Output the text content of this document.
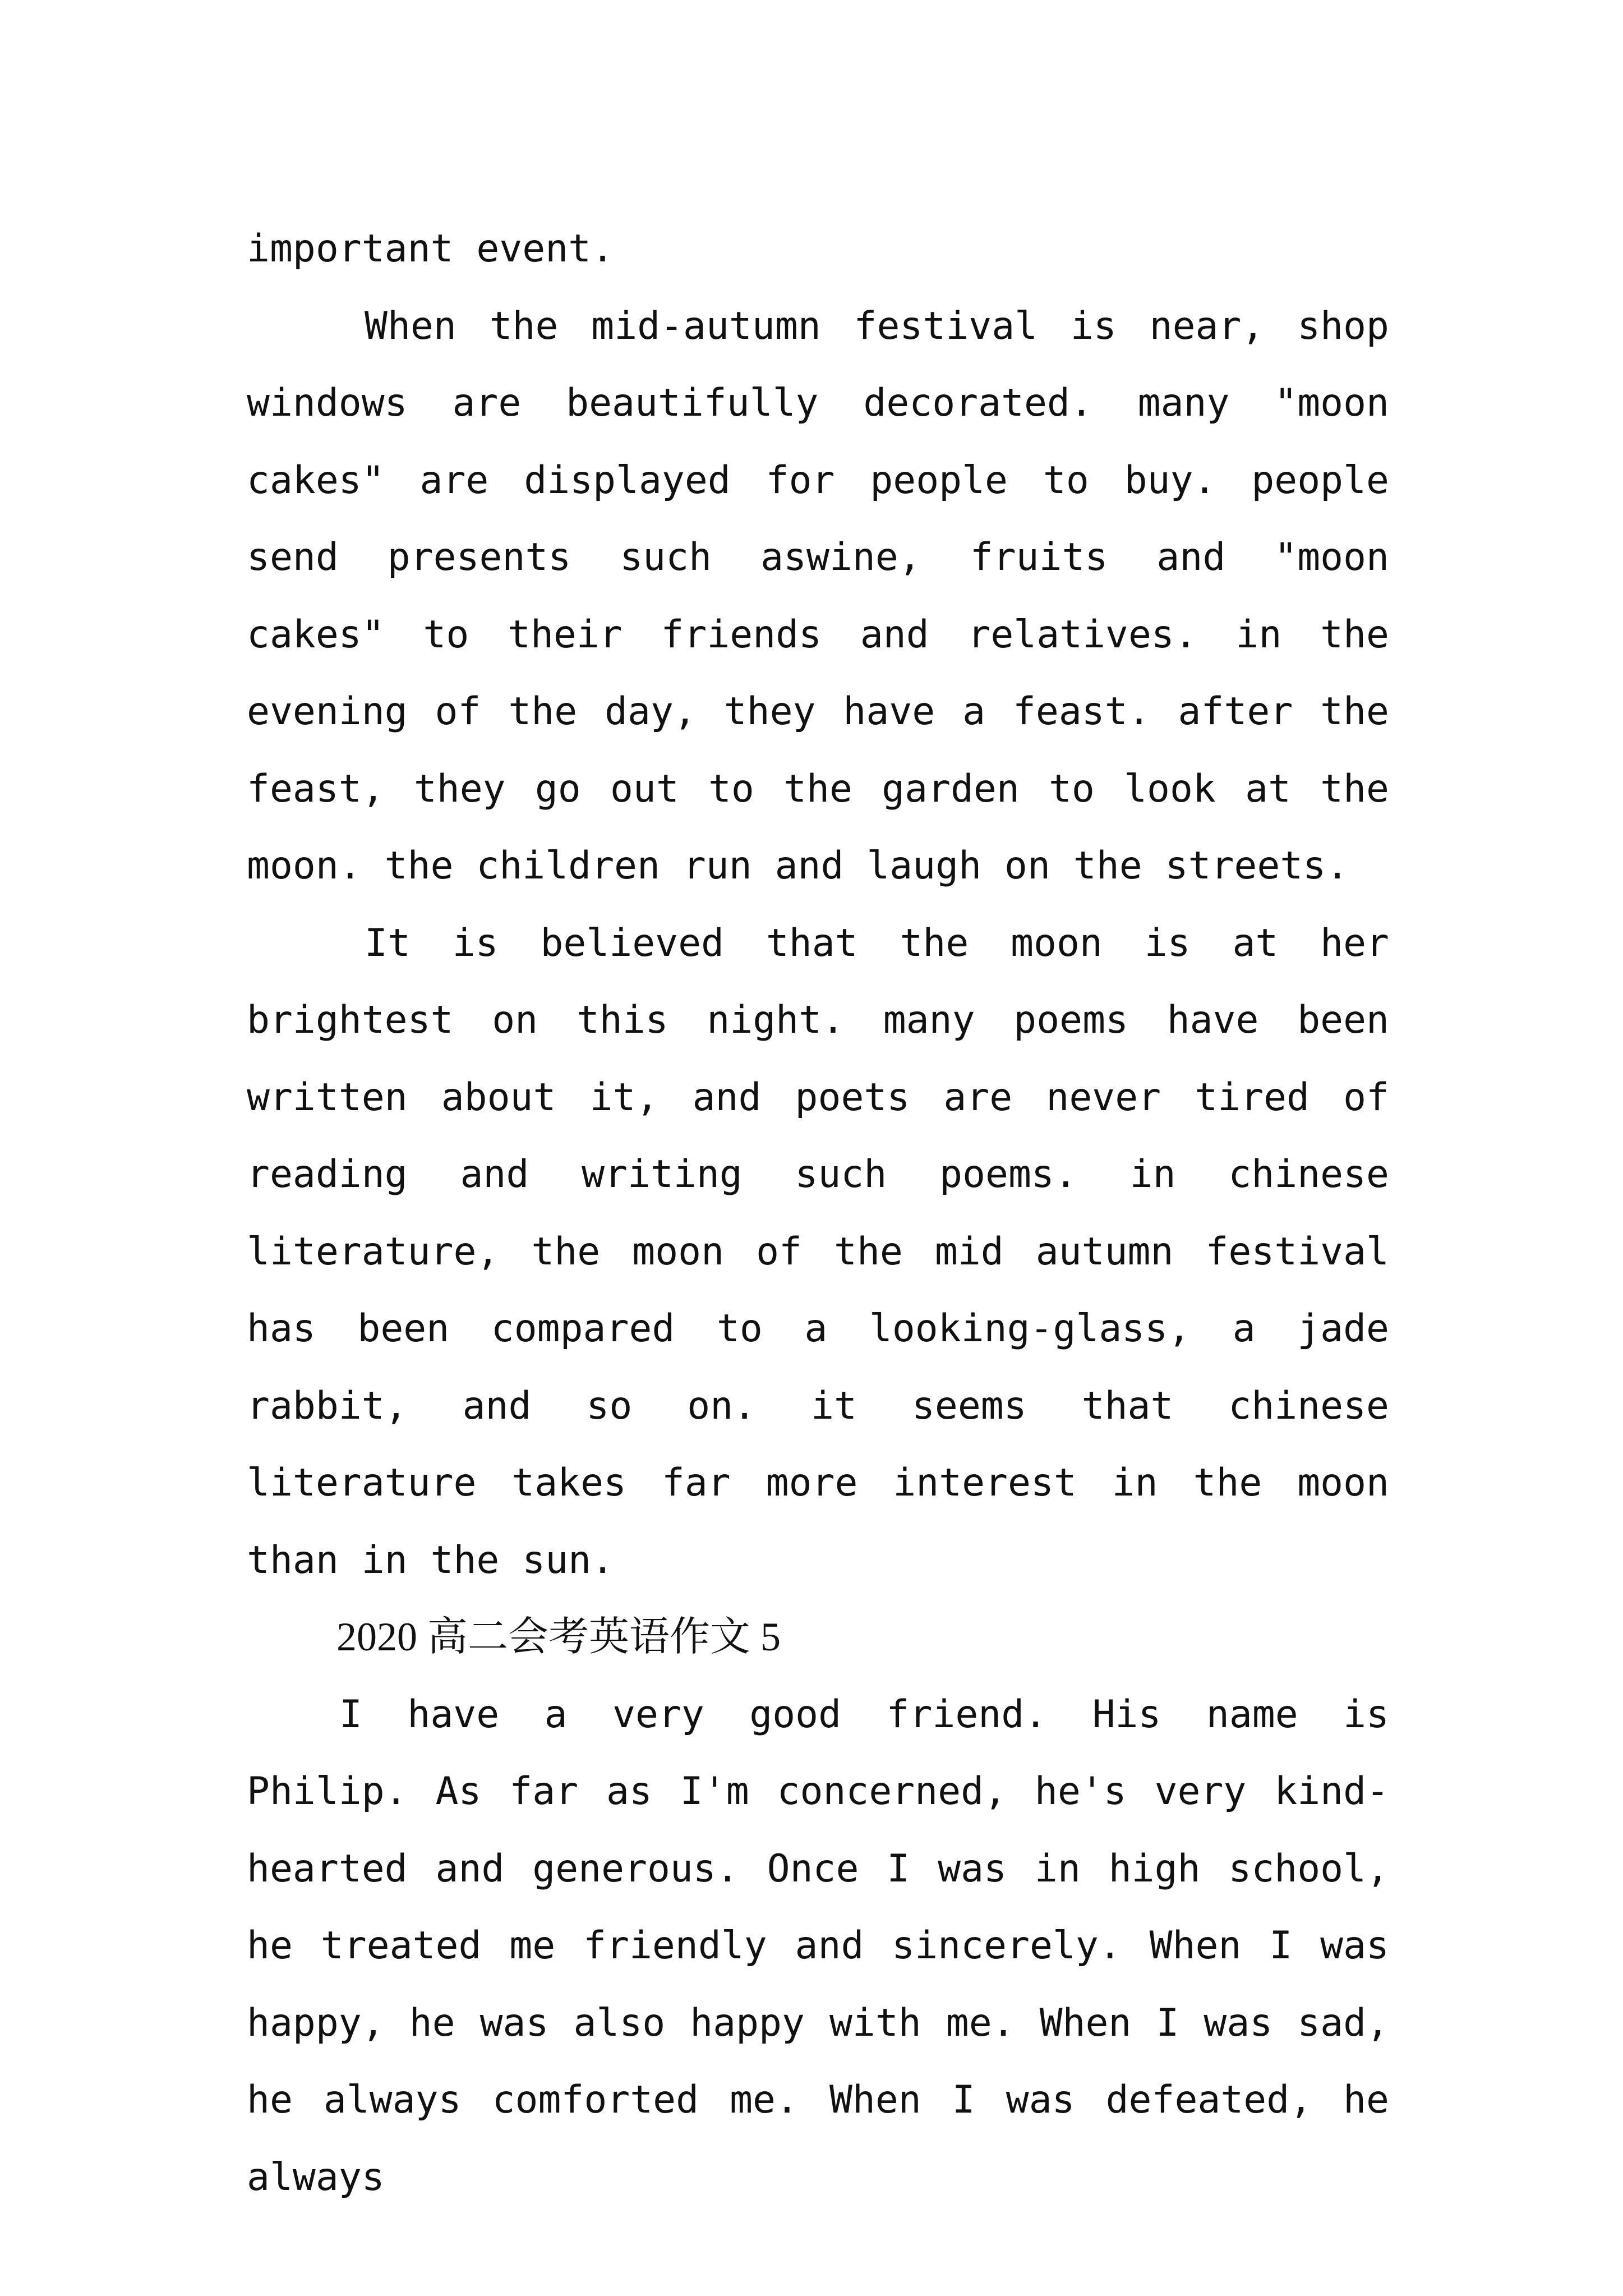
important event.

When the mid-autumn festival is near, shop windows are beautifully decorated. many "moon cakes" are displayed for people to buy. people send presents such aswine, fruits and "moon cakes" to their friends and relatives. in the evening of the day, they have a feast. after the feast, they go out to the garden to look at the moon. the children run and laugh on the streets.

It is believed that the moon is at her brightest on this night. many poems have been written about it, and poets are never tired of reading and writing such poems. in chinese literature, the moon of the mid autumn festival has been compared to a looking-glass, a jade rabbit, and so on. it seems that chinese literature takes far more interest in the moon than in the sun.

2020 高二会考英语作文 5

I have a very good friend. His name is Philip. As far as I'm concerned, he's very kind-hearted and generous. Once I was in high school, he treated me friendly and sincerely. When I was happy, he was also happy with me. When I was sad, he always comforted me. When I was defeated, he always
